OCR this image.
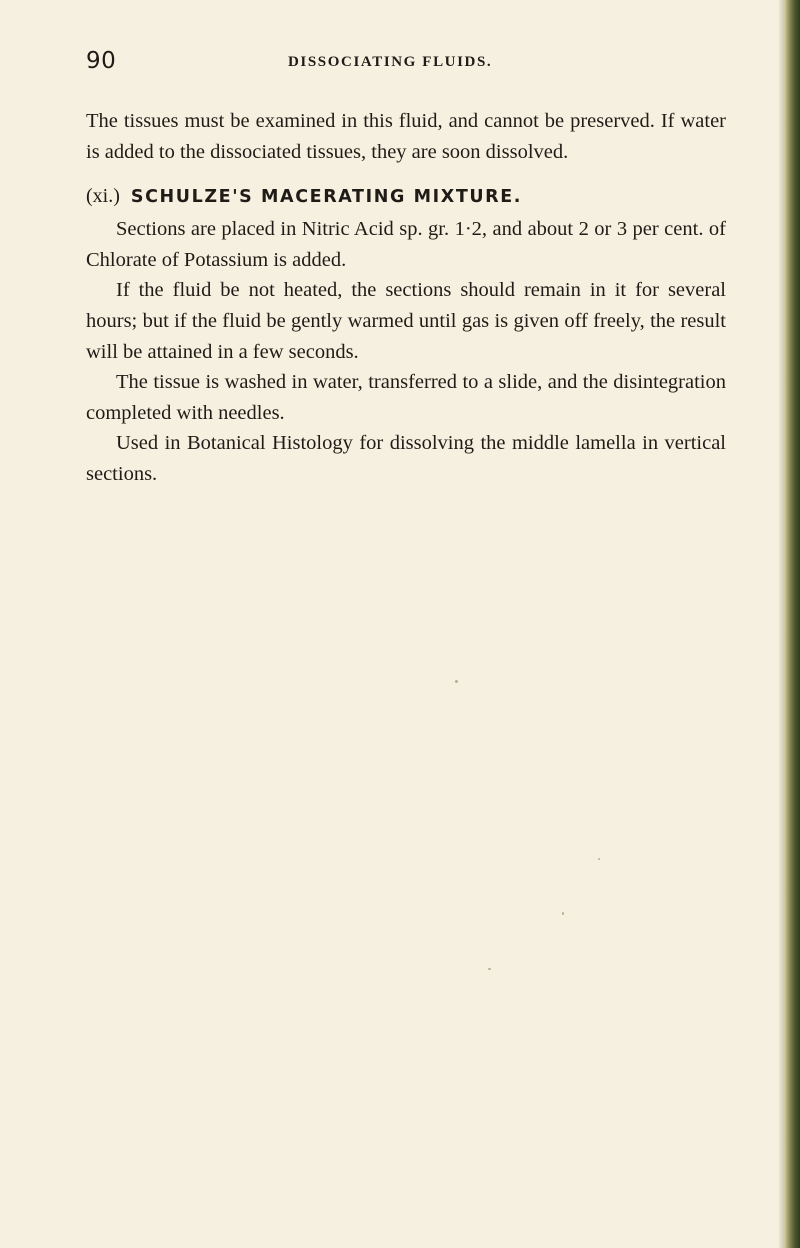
90	DISSOCIATING FLUIDS.

The tissues must be examined in this fluid, and cannot be preserved. If water is added to the dissociated tissues, they are soon dissolved.

(xi.) SCHULZE'S MACERATING MIXTURE.

Sections are placed in Nitric Acid sp. gr. 1·2, and about 2 or 3 per cent. of Chlorate of Potassium is added.

If the fluid be not heated, the sections should remain in it for several hours; but if the fluid be gently warmed until gas is given off freely, the result will be attained in a few seconds.

The tissue is washed in water, transferred to a slide, and the disintegration completed with needles.

Used in Botanical Histology for dissolving the middle lamella in vertical sections.
